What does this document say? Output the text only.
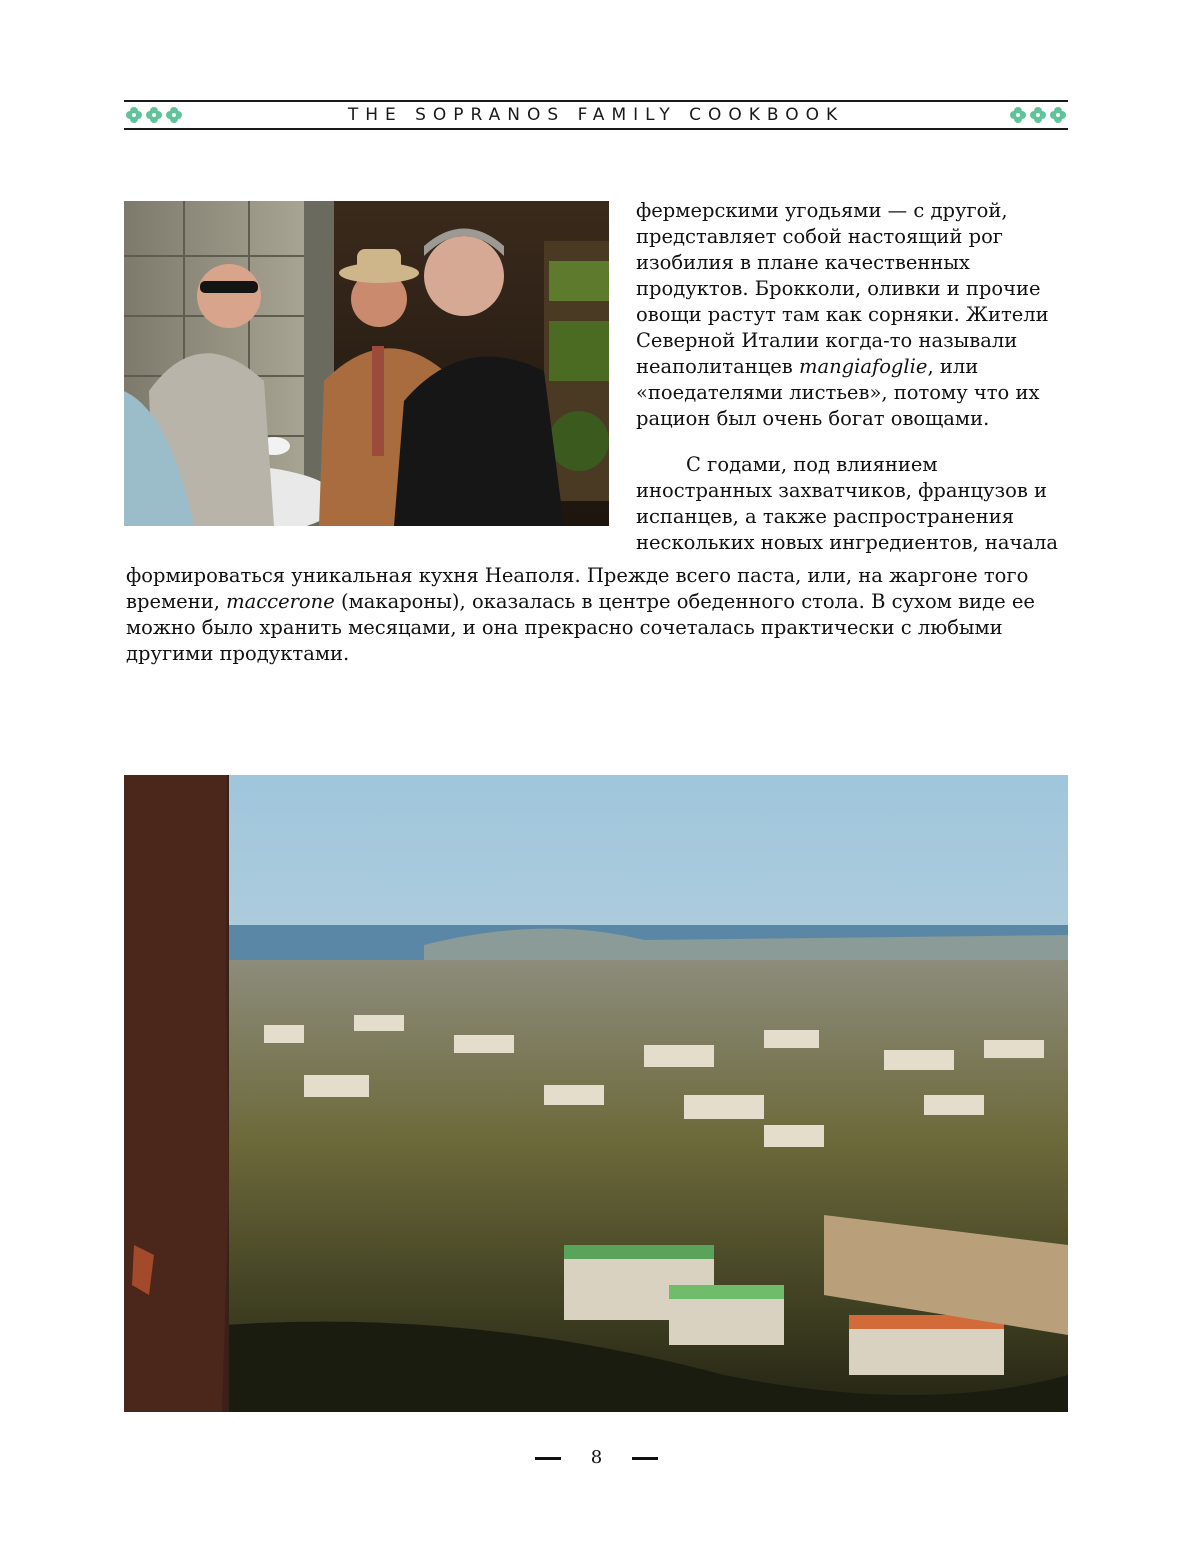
THE SOPRANOS FAMILY COOKBOOK

фермерскими угодьями — с другой, представляет собой настоящий рог изобилия в плане качественных продуктов. Брокколи, оливки и прочие овощи растут там как сорняки. Жители Северной Италии когда-то называли неаполитанцев mangiafoglie, или «поедателями листьев», потому что их рацион был очень богат овощами.

С годами, под влиянием иностранных захватчиков, французов и испанцев, а также распространения нескольких новых ингредиентов, начала

формироваться уникальная кухня Неаполя. Прежде всего паста, или, на жаргоне того времени, maccerone (макароны), оказалась в центре обеденного стола. В сухом виде ее можно было хранить месяцами, и она прекрасно сочеталась практически с любыми другими продуктами.

8
